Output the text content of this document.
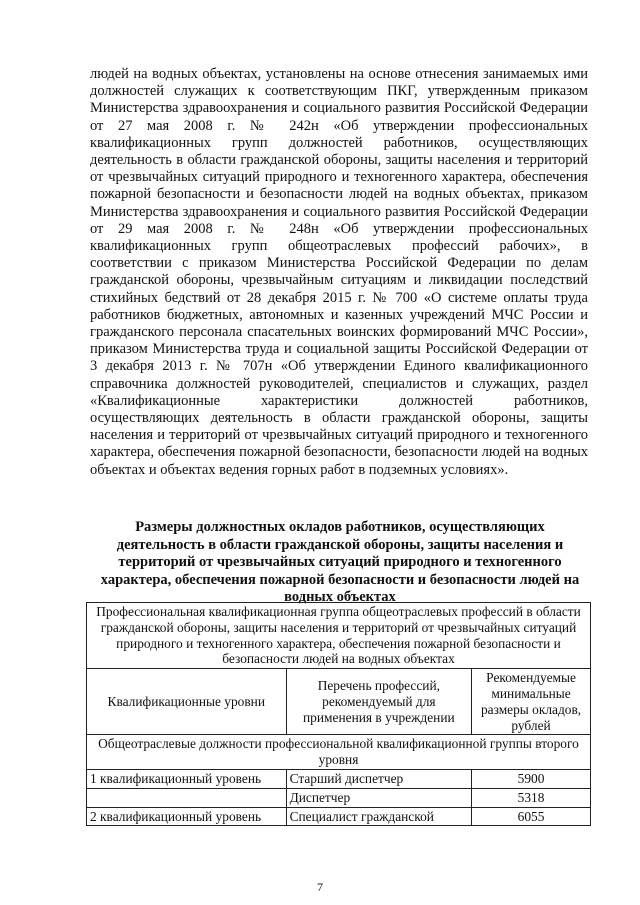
людей на водных объектах, установлены на основе отнесения занимаемых ими должностей служащих к соответствующим ПКГ, утвержденным приказом Министерства здравоохранения и социального развития Российской Федерации от 27 мая 2008 г. № 242н «Об утверждении профессиональных квалификационных групп должностей работников, осуществляющих деятельность в области гражданской обороны, защиты населения и территорий от чрезвычайных ситуаций природного и техногенного характера, обеспечения пожарной безопасности и безопасности людей на водных объектах, приказом Министерства здравоохранения и социального развития Российской Федерации от 29 мая 2008 г. № 248н «Об утверждении профессиональных квалификационных групп общеотраслевых профессий рабочих», в соответствии с приказом Министерства Российской Федерации по делам гражданской обороны, чрезвычайным ситуациям и ликвидации последствий стихийных бедствий от 28 декабря 2015 г. № 700 «О системе оплаты труда работников бюджетных, автономных и казенных учреждений МЧС России и гражданского персонала спасательных воинских формирований МЧС России», приказом Министерства труда и социальной защиты Российской Федерации от 3 декабря 2013 г. № 707н «Об утверждении Единого квалификационного справочника должностей руководителей, специалистов и служащих, раздел «Квалификационные характеристики должностей работников, осуществляющих деятельность в области гражданской обороны, защиты населения и территорий от чрезвычайных ситуаций природного и техногенного характера, обеспечения пожарной безопасности, безопасности людей на водных объектах и объектах ведения горных работ в подземных условиях».
Размеры должностных окладов работников, осуществляющих деятельность в области гражданской обороны, защиты населения и территорий от чрезвычайных ситуаций природного и техногенного характера, обеспечения пожарной безопасности и безопасности людей на водных объектах
Профессиональная квалификационная группа общеотраслевых профессий в области гражданской обороны, защиты населения и территорий от чрезвычайных ситуаций природного и техногенного характера, обеспечения пожарной безопасности и безопасности людей на водных объектах		
Квалификационные уровни	Перечень профессий, рекомендуемый для применения в учреждении	Рекомендуемые минимальные размеры окладов, рублей
Общеотраслевые должности профессиональной квалификационной группы второго уровня		
1 квалификационный уровень	Старший диспетчер	5900
	Диспетчер	5318
2 квалификационный уровень	Специалист гражданской	6055
7
